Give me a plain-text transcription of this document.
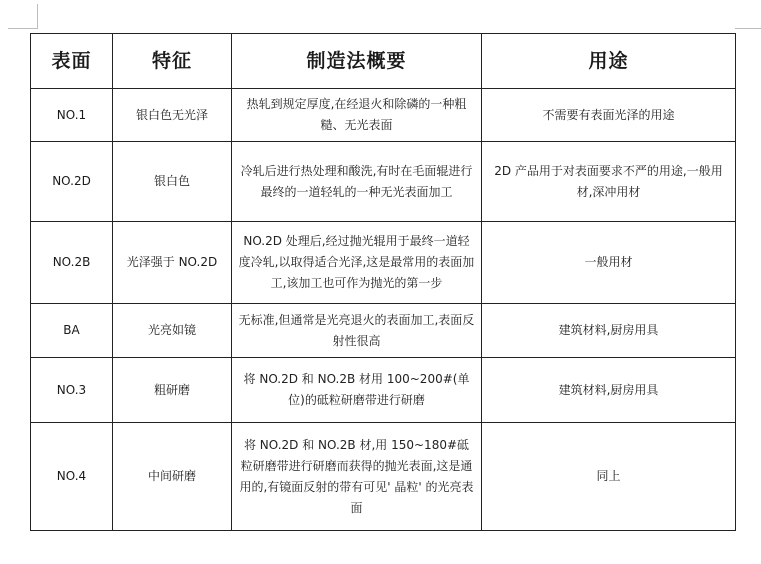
表面	特征	制造法概要	用途
NO.1	银白色无光泽	热轧到规定厚度,在经退火和除磷的一种粗糙、无光表面	不需要有表面光泽的用途
NO.2D	银白色	冷轧后进行热处理和酸洗,有时在毛面辊进行最终的一道轻轧的一种无光表面加工	2D 产品用于对表面要求不严的用途,一般用材,深冲用材
NO.2B	光泽强于 NO.2D	NO.2D 处理后,经过抛光辊用于最终一道轻度冷轧,以取得适合光泽,这是最常用的表面加工,该加工也可作为抛光的第一步	一般用材
BA	光亮如镜	无标准,但通常是光亮退火的表面加工,表面反射性很高	建筑材料,厨房用具
NO.3	粗研磨	将 NO.2D 和 NO.2B 材用 100~200#(单位)的砥粒研磨带进行研磨	建筑材料,厨房用具
NO.4	中间研磨	将 NO.2D 和 NO.2B 材,用 150~180#砥粒研磨带进行研磨而获得的抛光表面,这是通用的,有镜面反射的带有可见' 晶粒' 的光亮表面	同上
